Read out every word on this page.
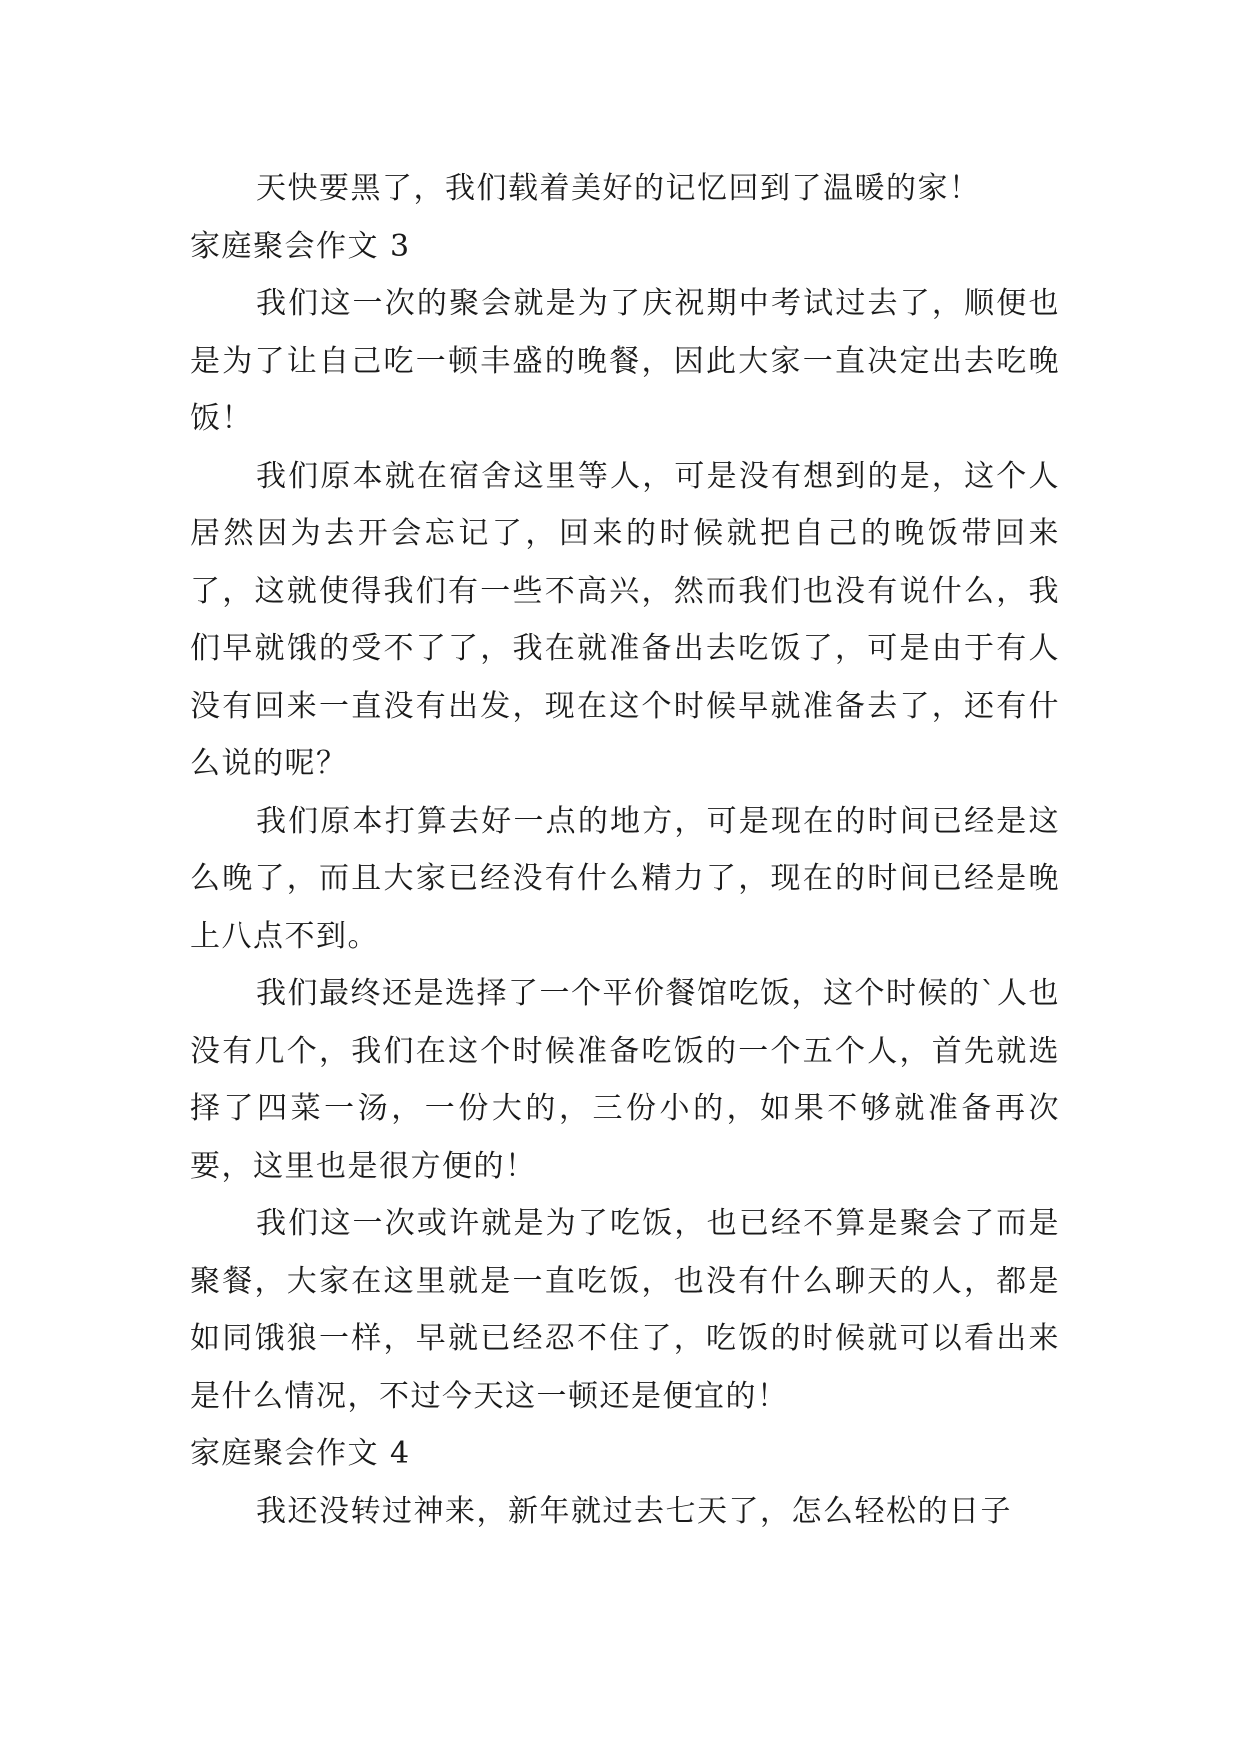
天快要黑了，我们载着美好的记忆回到了温暖的家！

家庭聚会作文 3

我们这一次的聚会就是为了庆祝期中考试过去了，顺便也是为了让自己吃一顿丰盛的晚餐，因此大家一直决定出去吃晚饭！

我们原本就在宿舍这里等人，可是没有想到的是，这个人居然因为去开会忘记了，回来的时候就把自己的晚饭带回来了，这就使得我们有一些不高兴，然而我们也没有说什么，我们早就饿的受不了了，我在就准备出去吃饭了，可是由于有人没有回来一直没有出发，现在这个时候早就准备去了，还有什么说的呢？

我们原本打算去好一点的地方，可是现在的时间已经是这么晚了，而且大家已经没有什么精力了，现在的时间已经是晚上八点不到。

我们最终还是选择了一个平价餐馆吃饭，这个时候的`人也没有几个，我们在这个时候准备吃饭的一个五个人，首先就选择了四菜一汤，一份大的，三份小的，如果不够就准备再次要，这里也是很方便的！

我们这一次或许就是为了吃饭，也已经不算是聚会了而是聚餐，大家在这里就是一直吃饭，也没有什么聊天的人，都是如同饿狼一样，早就已经忍不住了，吃饭的时候就可以看出来是什么情况，不过今天这一顿还是便宜的！

家庭聚会作文 4

我还没转过神来，新年就过去七天了，怎么轻松的日子
